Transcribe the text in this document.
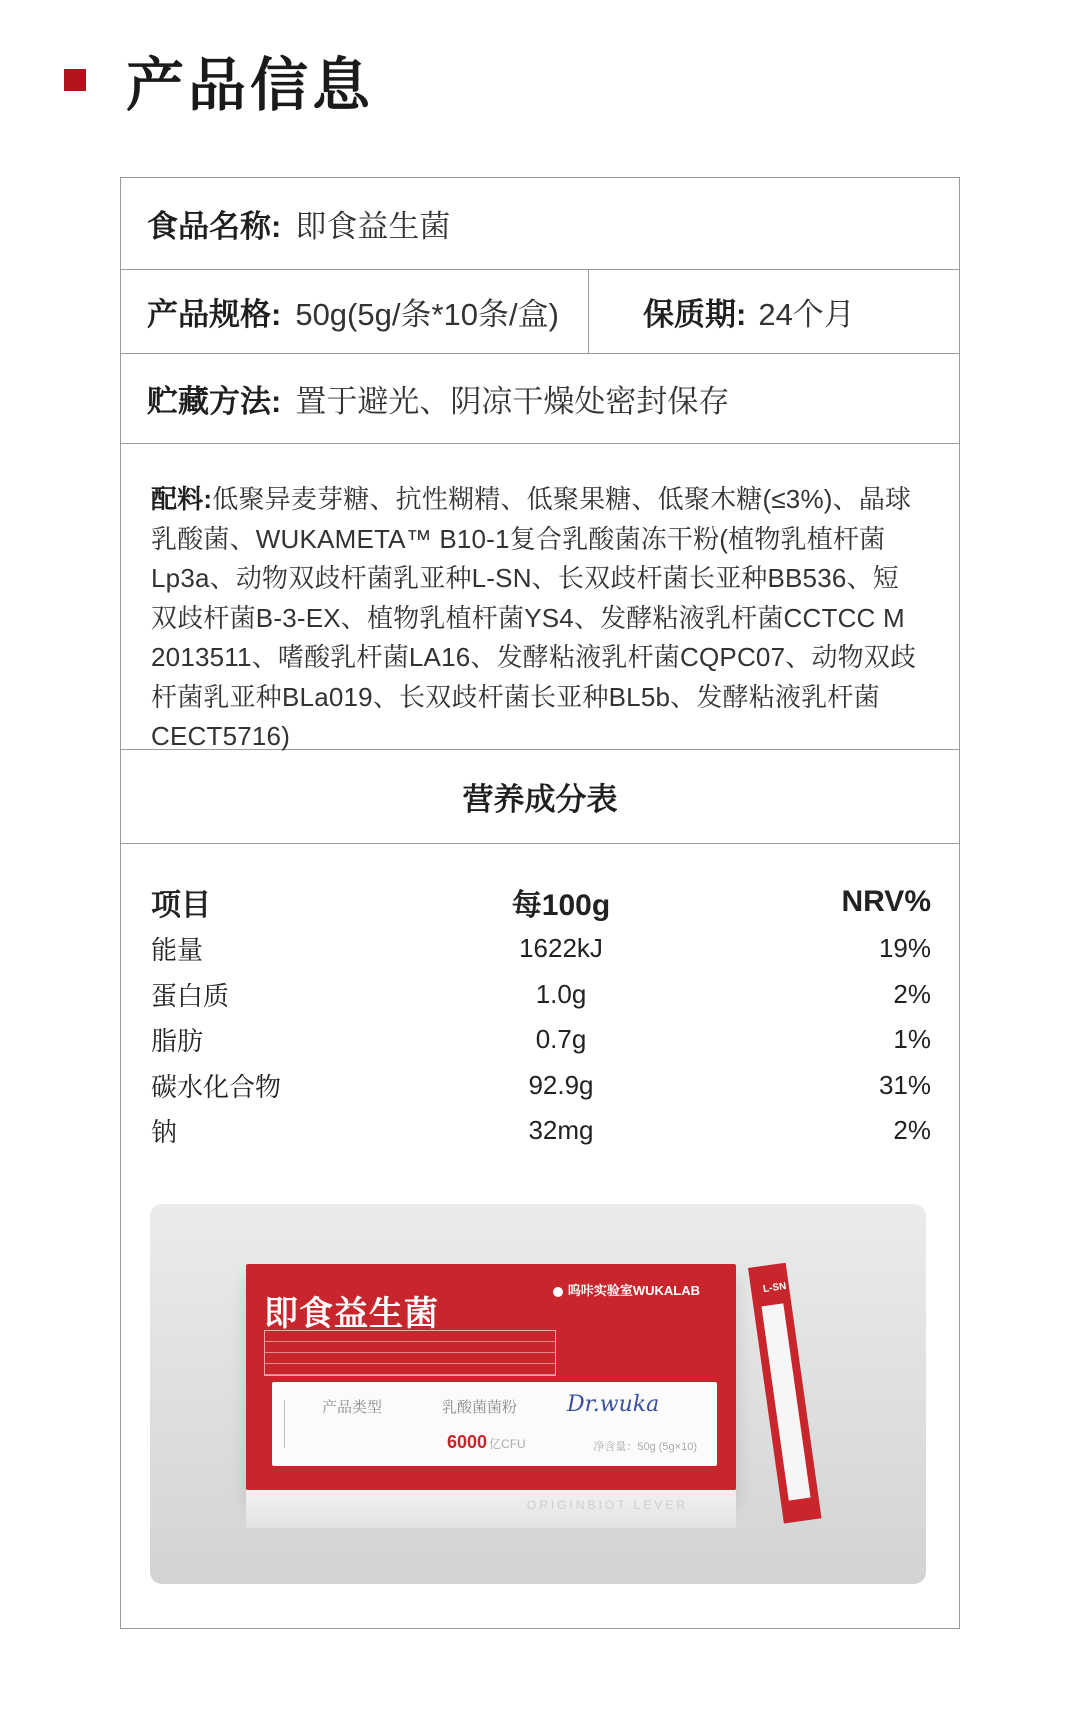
产品信息
食品名称: 即食益生菌
产品规格: 50g(5g/条*10条/盒)	保质期: 24个月
贮藏方法: 置于避光、阴凉干燥处密封保存
配料:低聚异麦芽糖、抗性糊精、低聚果糖、低聚木糖(≤3%)、晶球乳酸菌、WUKAMETA™ B10-1复合乳酸菌冻干粉(植物乳植杆菌Lp3a、动物双歧杆菌乳亚种L-SN、长双歧杆菌长亚种BB536、短双歧杆菌B-3-EX、植物乳植杆菌YS4、发酵粘液乳杆菌CCTCC M 2013511、嗜酸乳杆菌LA16、发酵粘液乳杆菌CQPC07、动物双歧杆菌乳亚种BLa019、长双歧杆菌长亚种BL5b、发酵粘液乳杆菌CECT5716)
营养成分表
项目	每100g	NRV%
能量	1622kJ	19%
蛋白质	1.0g	2%
脂肪	0.7g	1%
碳水化合物	92.9g	31%
钠	32mg	2%
即食益生菌
呜咔实验室WUKALAB
产品类型	乳酸菌菌粉 Dr.wuka
6000 亿CFU	净含量：50g (5g×10)
ORIGINBIOT LEVER
L-SN
